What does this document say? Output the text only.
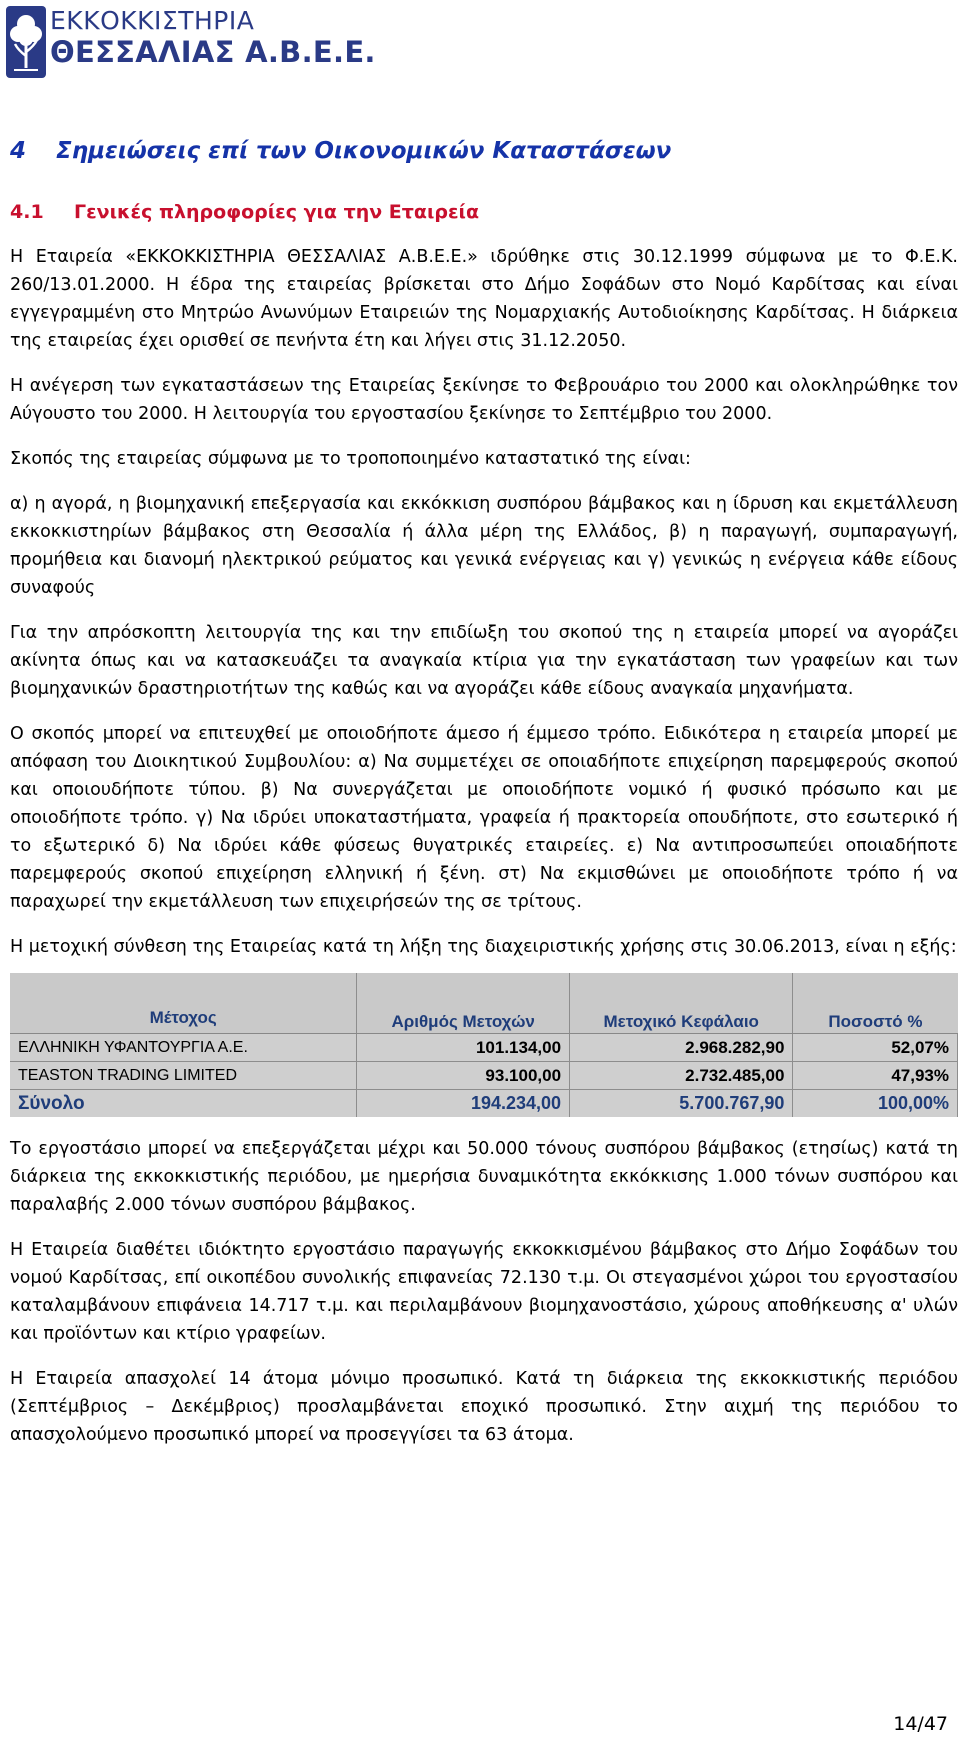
ΕΚΚΟΚΚΙΣΤΗΡΙΑ
ΘΕΣΣΑΛΙΑΣ Α.Β.Ε.Ε.
4 Σημειώσεις επί των Οικονομικών Καταστάσεων
4.1 Γενικές πληροφορίες για την Εταιρεία

Η Εταιρεία «ΕΚΚΟΚΚΙΣΤΗΡΙΑ ΘΕΣΣΑΛΙΑΣ Α.Β.Ε.Ε.» ιδρύθηκε στις 30.12.1999 σύμφωνα με το Φ.Ε.Κ. 260/13.01.2000. Η έδρα της εταιρείας βρίσκεται στο Δήμο Σοφάδων στο Νομό Καρδίτσας και είναι εγγεγραμμένη στο Μητρώο Ανωνύμων Εταιρειών της Νομαρχιακής Αυτοδιοίκησης Καρδίτσας. Η διάρκεια της εταιρείας έχει ορισθεί σε πενήντα έτη και λήγει στις 31.12.2050.

Η ανέγερση των εγκαταστάσεων της Εταιρείας ξεκίνησε το Φεβρουάριο του 2000 και ολοκληρώθηκε τον Αύγουστο του 2000. Η λειτουργία του εργοστασίου ξεκίνησε το Σεπτέμβριο του 2000.

Σκοπός της εταιρείας σύμφωνα με το τροποποιημένο καταστατικό της είναι:

α) η αγορά, η βιομηχανική επεξεργασία και εκκόκκιση συσπόρου βάμβακος και η ίδρυση και εκμετάλλευση εκκοκκιστηρίων βάμβακος στη Θεσσαλία ή άλλα μέρη της Ελλάδος, β) η παραγωγή, συμπαραγωγή, προμήθεια και διανομή ηλεκτρικού ρεύματος και γενικά ενέργειας και γ) γενικώς η ενέργεια κάθε είδους συναφούς

Για την απρόσκοπτη λειτουργία της και την επιδίωξη του σκοπού της η εταιρεία μπορεί να αγοράζει ακίνητα όπως και να κατασκευάζει τα αναγκαία κτίρια για την εγκατάσταση των γραφείων και των βιομηχανικών δραστηριοτήτων της καθώς και να αγοράζει κάθε είδους αναγκαία μηχανήματα.

Ο σκοπός μπορεί να επιτευχθεί με οποιοδήποτε άμεσο ή έμμεσο τρόπο. Ειδικότερα η εταιρεία μπορεί με απόφαση του Διοικητικού Συμβουλίου: α) Να συμμετέχει σε οποιαδήποτε επιχείρηση παρεμφερούς σκοπού και οποιουδήποτε τύπου. β) Να συνεργάζεται με οποιοδήποτε νομικό ή φυσικό πρόσωπο και με οποιοδήποτε τρόπο. γ) Να ιδρύει υποκαταστήματα, γραφεία ή πρακτορεία οπουδήποτε, στο εσωτερικό ή το εξωτερικό δ) Να ιδρύει κάθε φύσεως θυγατρικές εταιρείες. ε) Να αντιπροσωπεύει οποιαδήποτε παρεμφερούς σκοπού επιχείρηση ελληνική ή ξένη. στ) Να εκμισθώνει με οποιοδήποτε τρόπο ή να παραχωρεί την εκμετάλλευση των επιχειρήσεών της σε τρίτους.

Η μετοχική σύνθεση της Εταιρείας κατά τη λήξη της διαχειριστικής χρήσης στις 30.06.2013, είναι η εξής:

Μέτοχος	Αριθμός Μετοχών	Μετοχικό Κεφάλαιο	Ποσοστό %
ΕΛΛΗΝΙΚΗ ΥΦΑΝΤΟΥΡΓΙΑ Α.Ε.	101.134,00	2.968.282,90	52,07%
TEASTON TRADING LIMITED	93.100,00	2.732.485,00	47,93%
Σύνολο	194.234,00	5.700.767,90	100,00%

Το εργοστάσιο μπορεί να επεξεργάζεται μέχρι και 50.000 τόνους συσπόρου βάμβακος (ετησίως) κατά τη διάρκεια της εκκοκκιστικής περιόδου, με ημερήσια δυναμικότητα εκκόκκισης 1.000 τόνων συσπόρου και παραλαβής 2.000 τόνων συσπόρου βάμβακος.

Η Εταιρεία διαθέτει ιδιόκτητο εργοστάσιο παραγωγής εκκοκκισμένου βάμβακος στο Δήμο Σοφάδων του νομού Καρδίτσας, επί οικοπέδου συνολικής επιφανείας 72.130 τ.μ. Οι στεγασμένοι χώροι του εργοστασίου καταλαμβάνουν επιφάνεια 14.717 τ.μ. και περιλαμβάνουν βιομηχανοστάσιο, χώρους αποθήκευσης α' υλών και προϊόντων και κτίριο γραφείων.

Η Εταιρεία απασχολεί 14 άτομα μόνιμο προσωπικό. Κατά τη διάρκεια της εκκοκκιστικής περιόδου (Σεπτέμβριος – Δεκέμβριος) προσλαμβάνεται εποχικό προσωπικό. Στην αιχμή της περιόδου το απασχολούμενο προσωπικό μπορεί να προσεγγίσει τα 63 άτομα.

14/47
